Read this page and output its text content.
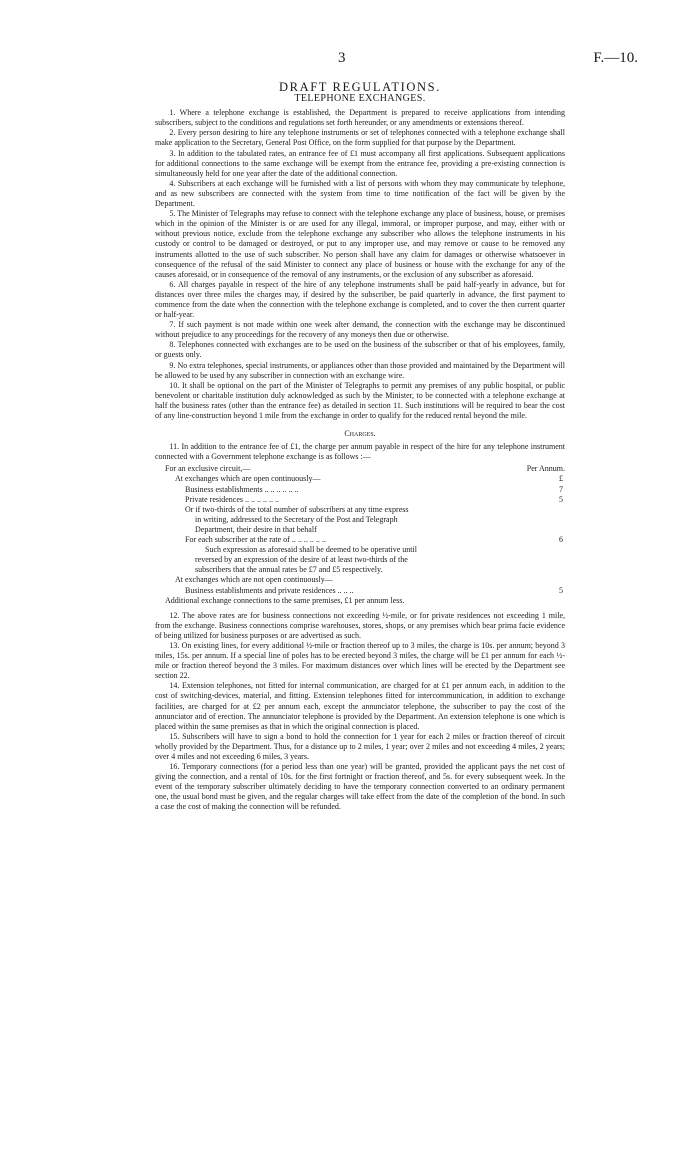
3	F.—10.
DRAFT REGULATIONS.
TELEPHONE EXCHANGES.

1. Where a telephone exchange is established, the Department is prepared to receive applications from intending subscribers, subject to the conditions and regulations set forth hereunder, or any amendments or extensions thereof.

2. Every person desiring to hire any telephone instruments or set of telephones connected with a telephone exchange shall make application to the Secretary, General Post Office, on the form supplied for that purpose by the Department.

3. In addition to the tabulated rates, an entrance fee of £1 must accompany all first applications. Subsequent applications for additional connections to the same exchange will be exempt from the entrance fee, providing a pre-existing connection is simultaneously held for one year after the date of the additional connection.

4. Subscribers at each exchange will be furnished with a list of persons with whom they may communicate by telephone, and as new subscribers are connected with the system from time to time notification of the fact will be given by the Department.

5. The Minister of Telegraphs may refuse to connect with the telephone exchange any place of business, house, or premises which in the opinion of the Minister is or are used for any illegal, immoral, or improper purpose, and may, either with or without previous notice, exclude from the telephone exchange any subscriber who allows the telephone instruments in his custody or control to be damaged or destroyed, or put to any improper use, and may remove or cause to be removed any instruments allotted to the use of such subscriber. No person shall have any claim for damages or otherwise whatsoever in consequence of the refusal of the said Minister to connect any place of business or house with the exchange for any of the causes aforesaid, or in consequence of the removal of any instruments, or the exclusion of any subscriber as aforesaid.

6. All charges payable in respect of the hire of any telephone instruments shall be paid half-yearly in advance, but for distances over three miles the charges may, if desired by the subscriber, be paid quarterly in advance, the first payment to commence from the date when the connection with the telephone exchange is completed, and to cover the then current quarter or half-year.

7. If such payment is not made within one week after demand, the connection with the exchange may be discontinued without prejudice to any proceedings for the recovery of any moneys then due or otherwise.

8. Telephones connected with exchanges are to be used on the business of the subscriber or that of his employees, family, or guests only.

9. No extra telephones, special instruments, or appliances other than those provided and maintained by the Department will be allowed to be used by any subscriber in connection with an exchange wire.

10. It shall be optional on the part of the Minister of Telegraphs to permit any premises of any public hospital, or public benevolent or charitable institution duly acknowledged as such by the Minister, to be connected with a telephone exchange at half the business rates (other than the entrance fee) as detailed in section 11. Such institutions will be required to bear the cost of any line-construction beyond 1 mile from the exchange in order to qualify for the reduced rental beyond the mile.

Charges.

11. In addition to the entrance fee of £1, the charge per annum payable in respect of the hire for any telephone instrument connected with a Government telephone exchange is as follows :—

For an exclusive circuit,—	Per Annum.
At exchanges which are open continuously—	£
Business establishments .. .. .. .. .. ..	7
Private residences .. .. .. .. .. ..	5
Or if two-thirds of the total number of subscribers at any time express
in writing, addressed to the Secretary of the Post and Telegraph
Department, their desire in that behalf
For each subscriber at the rate of .. .. .. .. .. ..	6
Such expression as aforesaid shall be deemed to be operative until
reversed by an expression of the desire of at least two-thirds of the
subscribers that the annual rates be £7 and £5 respectively.
At exchanges which are not open continuously—
Business establishments and private residences .. .. ..	5
Additional exchange connections to the same premises, £1 per annum less.

12. The above rates are for business connections not exceeding ½-mile, or for private residences not exceeding 1 mile, from the exchange. Business connections comprise warehouses, stores, shops, or any premises which bear prima facie evidence of being utilized for business purposes or are advertised as such.

13. On existing lines, for every additional ½-mile or fraction thereof up to 3 miles, the charge is 10s. per annum; beyond 3 miles, 15s. per annum. If a special line of poles has to be erected beyond 3 miles, the charge will be £1 per annum for each ½-mile or fraction thereof beyond the 3 miles. For maximum distances over which lines will be erected by the Department see section 22.

14. Extension telephones, not fitted for internal communication, are charged for at £1 per annum each, in addition to the cost of switching-devices, material, and fitting. Extension telephones fitted for intercommunication, in addition to exchange facilities, are charged for at £2 per annum each, except the annunciator telephone, the subscriber to pay the cost of the annunciator and of erection. The annunciator telephone is provided by the Department. An extension telephone is one which is placed within the same premises as that in which the original connection is placed.

15. Subscribers will have to sign a bond to hold the connection for 1 year for each 2 miles or fraction thereof of circuit wholly provided by the Department. Thus, for a distance up to 2 miles, 1 year; over 2 miles and not exceeding 4 miles, 2 years; over 4 miles and not exceeding 6 miles, 3 years.

16. Temporary connections (for a period less than one year) will be granted, provided the applicant pays the net cost of giving the connection, and a rental of 10s. for the first fortnight or fraction thereof, and 5s. for every subsequent week. In the event of the temporary subscriber ultimately deciding to have the temporary connection converted to an ordinary permanent one, the usual bond must be given, and the regular charges will take effect from the date of the completion of the bond. In such a case the cost of making the connection will be refunded.
